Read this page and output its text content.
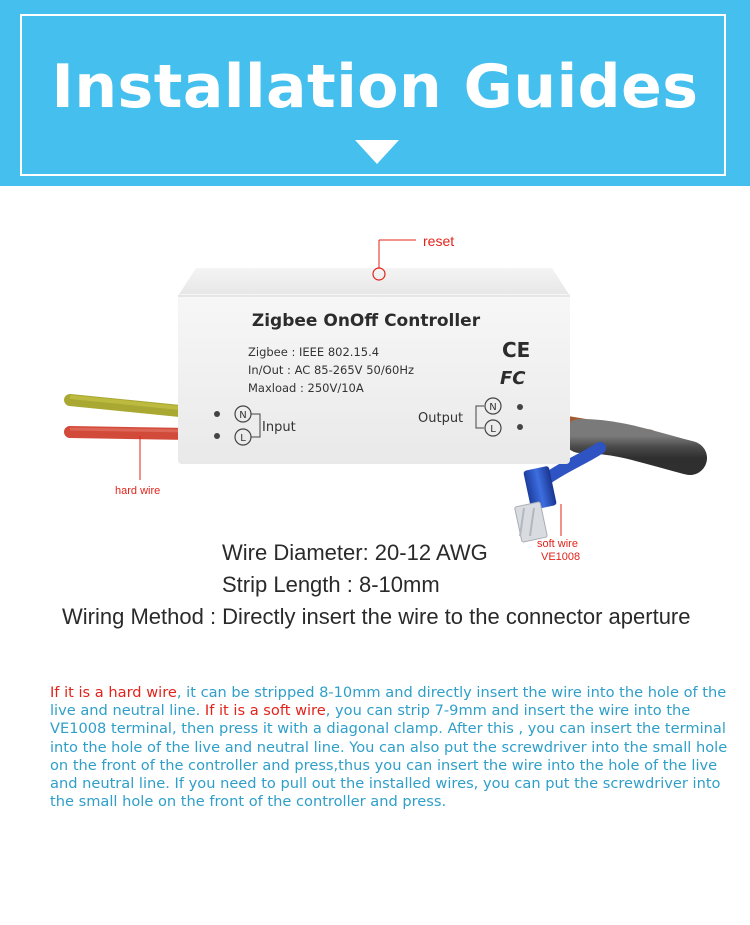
Installation Guides
Zigbee OnOff Controller
Zigbee : IEEE 802.15.4
In/Out : AC 85-265V 50/60Hz
Maxload : 250V/10A
CE
FC
N
L
Input
Output
N
L
reset
hard wire
soft wire
VE1008
Wire Diameter: 20-12 AWG
Strip Length : 8-10mm
Wiring Method : Directly insert the wire to the connector aperture
If it is a hard wire, it can be stripped 8-10mm and directly insert the wire into the hole of the live and neutral line. If it is a soft wire, you can strip 7-9mm and insert the wire into the VE1008 terminal, then press it with a diagonal clamp. After this , you can insert the terminal into the hole of the live and neutral line. You can also put the screwdriver into the small hole on the front of the controller and press,thus you can insert the wire into the hole of the live and neutral line. If you need to pull out the installed wires, you can put the screwdriver into the small hole on the front of the controller and press.
